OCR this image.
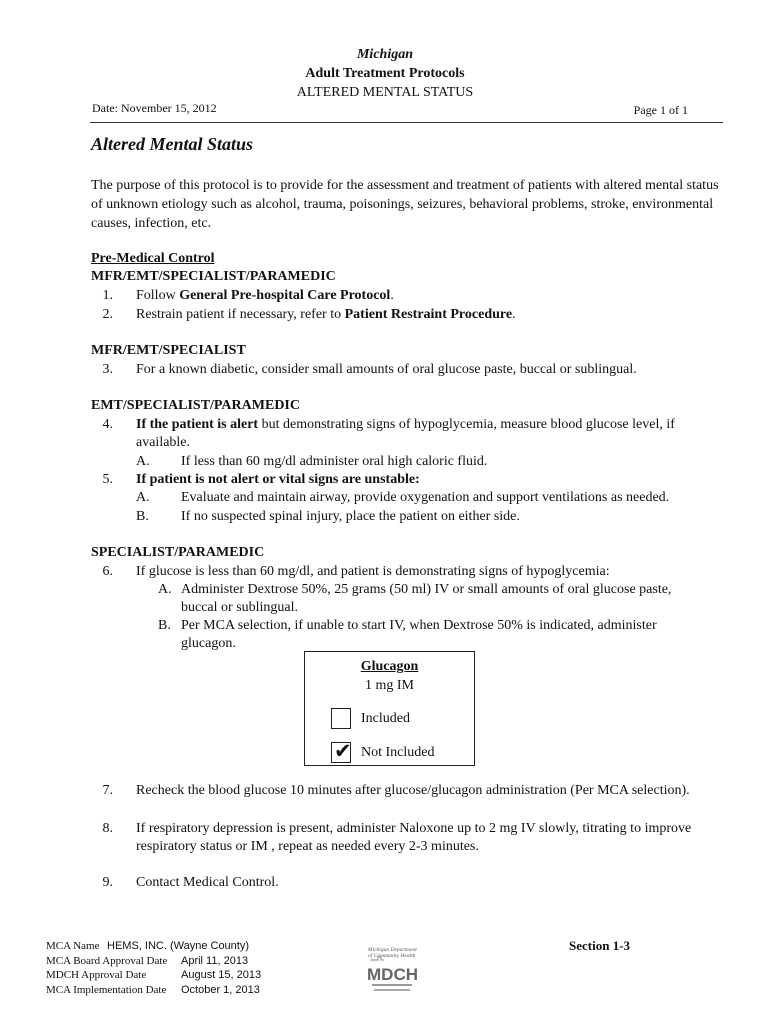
Michigan
Adult Treatment Protocols
ALTERED MENTAL STATUS
Date: November 15, 2012	Page 1 of 1
Altered Mental Status
The purpose of this protocol is to provide for the assessment and treatment of patients with altered mental status of unknown etiology such as alcohol, trauma, poisonings, seizures, behavioral problems, stroke, environmental causes, infection, etc.
Pre-Medical Control
MFR/EMT/SPECIALIST/PARAMEDIC
1. Follow General Pre-hospital Care Protocol.
2. Restrain patient if necessary, refer to Patient Restraint Procedure.
MFR/EMT/SPECIALIST
3. For a known diabetic, consider small amounts of oral glucose paste, buccal or sublingual.
EMT/SPECIALIST/PARAMEDIC
4. If the patient is alert but demonstrating signs of hypoglycemia, measure blood glucose level, if
available.
A.	If less than 60 mg/dl administer oral high caloric fluid.
5. If patient is not alert or vital signs are unstable:
A.	Evaluate and maintain airway, provide oxygenation and support ventilations as needed.
B.	If no suspected spinal injury, place the patient on either side.
SPECIALIST/PARAMEDIC
6. If glucose is less than 60 mg/dl, and patient is demonstrating signs of hypoglycemia:
A. Administer Dextrose 50%, 25 grams (50 ml) IV or small amounts of oral glucose paste,
buccal or sublingual.
B. Per MCA selection, if unable to start IV, when Dextrose 50% is indicated, administer
glucagon.
Glucagon
1 mg IM
Included
✔ Not Included
7. Recheck the blood glucose 10 minutes after glucose/glucagon administration (Per MCA selection).
8. If respiratory depression is present, administer Naloxone up to 2 mg IV slowly, titrating to improve
respiratory status or IM , repeat as needed every 2-3 minutes.
9. Contact Medical Control.
MCA Name HEMS, INC. (Wayne County)
MCA Board Approval Date April 11, 2013
MDCH Approval Date	August 15, 2013
MCA Implementation Date October 1, 2013
Section 1-3
Michigan Department
of Community Health
MDCH
